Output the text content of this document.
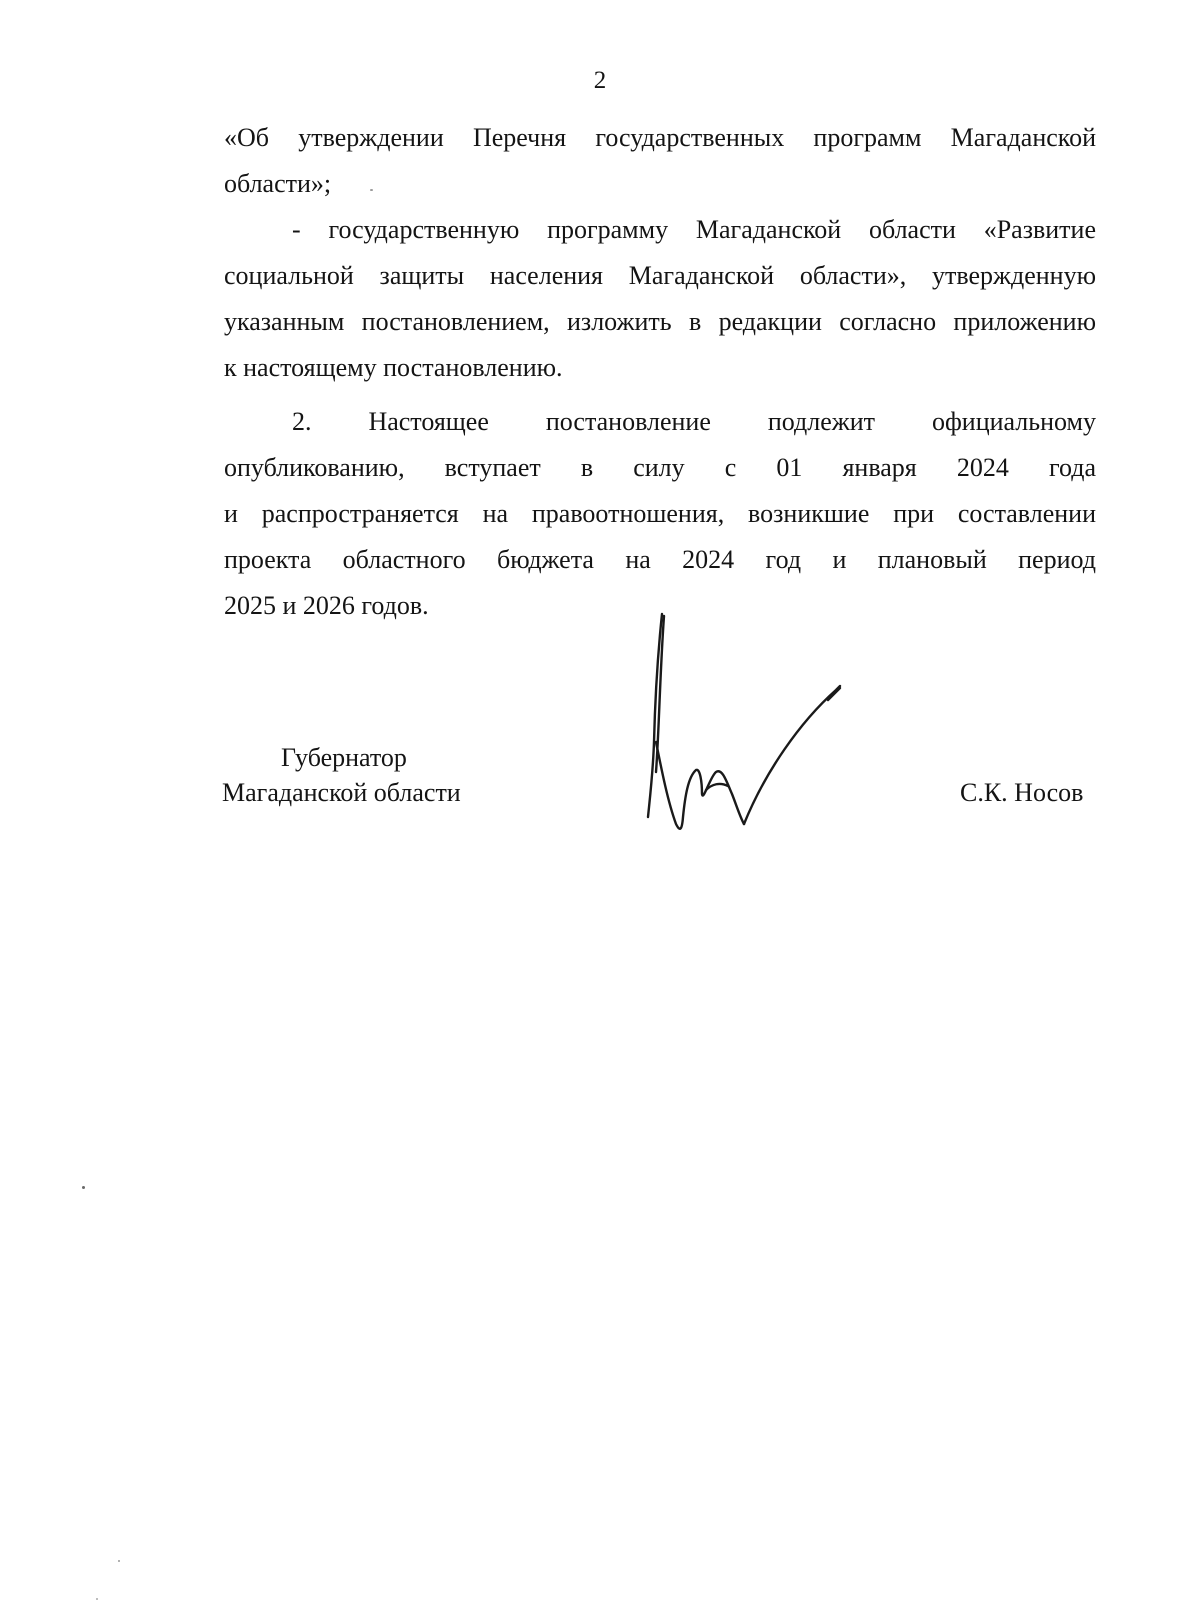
2
«Об утверждении Перечня государственных программ Магаданской
области»;
- государственную программу Магаданской области «Развитие
социальной защиты населения Магаданской области», утвержденную
указанным постановлением, изложить в редакции согласно приложению
к настоящему постановлению.
2. Настоящее постановление подлежит официальному
опубликованию, вступает в силу с 01 января 2024 года
и распространяется на правоотношения, возникшие при составлении
проекта областного бюджета на 2024 год и плановый период
2025 и 2026 годов.
Губернатор
Магаданской области	С.К. Носов
